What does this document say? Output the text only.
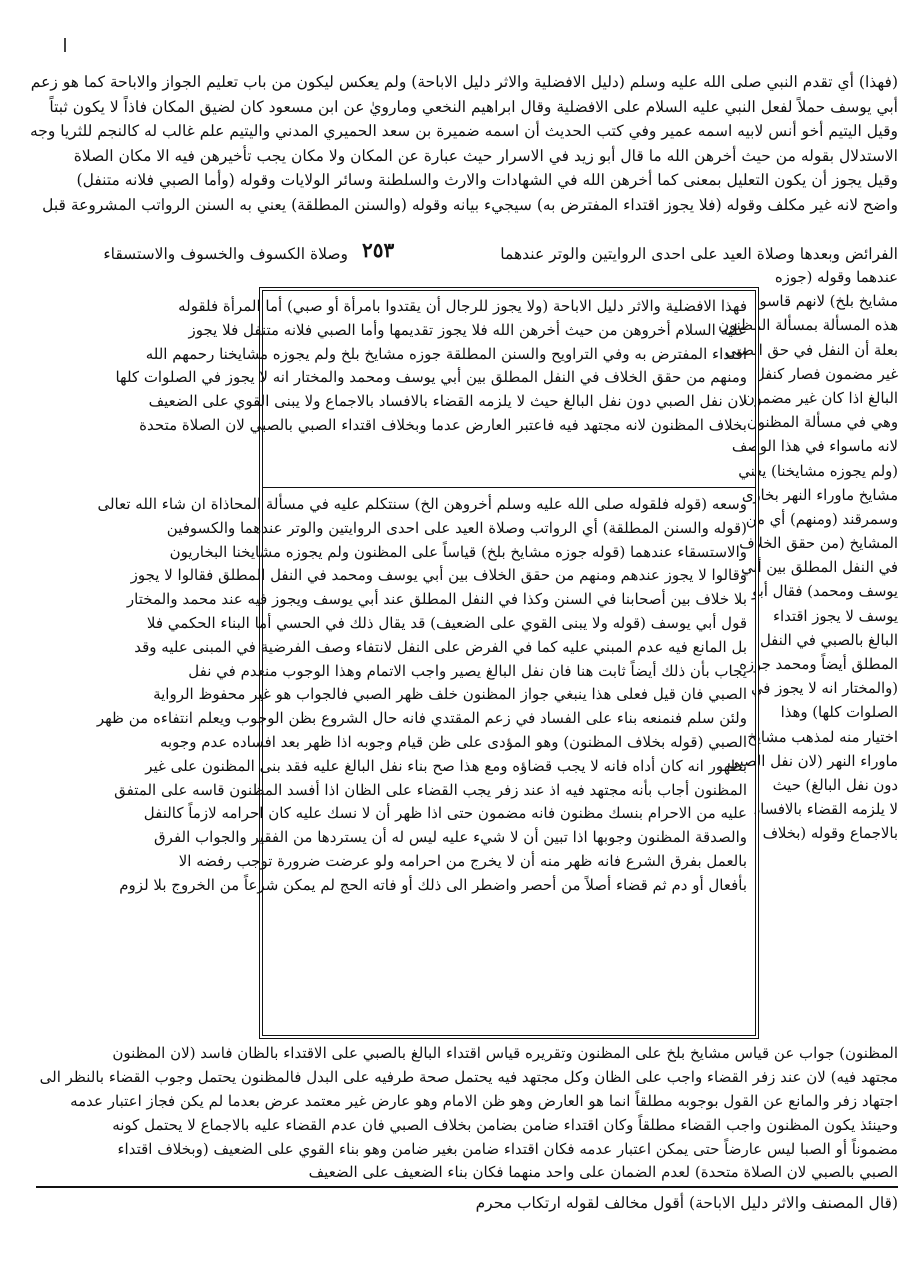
(فهذا) أي تقدم النبي صلى الله عليه وسلم (دليل الافضلية والاثر دليل الاباحة) ولم يعكس ليكون من باب تعليم الجواز والاباحة كما هو زعم
أبي يوسف حملاً لفعل النبي عليه السلام على الافضلية وقال ابراهيم النخعي ومارويٰ عن ابن مسعود كان لضيق المكان فاذاً لا يكون ثبتاً
وقيل اليتيم أخو أنس لابيه اسمه عمير وفي كتب الحديث أن اسمه ضميرة بن سعد الحميري المدني واليتيم علم غالب له كالنجم للثريا وجه
الاستدلال بقوله من حيث أخرهن الله ما قال أبو زيد في الاسرار حيث عبارة عن المكان ولا مكان يجب تأخيرهن فيه الا مكان الصلاة
وقيل يجوز أن يكون التعليل بمعنى كما أخرهن الله في الشهادات والارث والسلطنة وسائر الولايات وقوله (وأما الصبي فلانه متنفل)
واضح لانه غير مكلف وقوله (فلا يجوز اقتداء المفترض به) سيجيء بيانه وقوله (والسنن المطلقة) يعني به السنن الرواتب المشروعة قبل
الفرائض وبعدها وصلاة العيد على احدى الروايتين والوتر عندهما
٢٥٣
وصلاة الكسوف والخسوف والاستسقاء
عندهما وقوله (جوزه
مشايخ بلخ) لانهم قاسوا
هذه المسألة بمسألة المظنون
بعلة أن النفل في حق الصبي
غير مضمون فصار كنفل
البالغ اذا كان غير مضمون
وهي في مسألة المظنون
لانه ماسواء في هذا الوصف
(ولم يجوزه مشايخنا) يعني
مشايخ ماوراء النهر بخارى
وسمرقند (ومنهم) أي من
المشايخ (من حقق الخلاف
في النفل المطلق بين أبي
يوسف ومحمد) فقال أبو
يوسف لا يجوز اقتداء
البالغ بالصبي في النفل
المطلق أيضاً ومحمد جوزه
(والمختار انه لا يجوز في
الصلوات كلها) وهذا
اختيار منه لمذهب مشايخ
ماوراء النهر (لان نفل الصبي
دون نفل البالغ) حيث
لا يلزمه القضاء بالافساد
بالاجماع وقوله (بخلاف
فهذا الافضلية والاثر دليل الاباحة (ولا يجوز للرجال أن يقتدوا بامرأة أو صبي) أما المرأة فلقوله
عليه السلام أخروهن من حيث أخرهن الله فلا يجوز تقديمها وأما الصبي فلانه متنفل فلا يجوز
اقتداء المفترض به وفي التراويح والسنن المطلقة جوزه مشايخ بلخ ولم يجوزه مشايخنا رحمهم الله
ومنهم من حقق الخلاف في النفل المطلق بين أبي يوسف ومحمد والمختار انه لا يجوز في الصلوات كلها
لان نفل الصبي دون نفل البالغ حيث لا يلزمه القضاء بالافساد بالاجماع ولا يبنى القوي على الضعيف
بخلاف المظنون لانه مجتهد فيه فاعتبر العارض عدما وبخلاف اقتداء الصبي بالصبي لان الصلاة متحدة
وسعه (قوله فلقوله صلى الله عليه وسلم أخروهن الخ) سنتكلم عليه في مسألة المحاذاة ان شاء الله تعالى
(قوله والسنن المطلقة) أي الرواتب وصلاة العيد على احدى الروايتين والوتر عندهما والكسوفين
والاستسقاء عندهما (قوله جوزه مشايخ بلخ) قياساً على المظنون ولم يجوزه مشايخنا البخاريون
وقالوا لا يجوز عندهم ومنهم من حقق الخلاف بين أبي يوسف ومحمد في النفل المطلق فقالوا لا يجوز
بلا خلاف بين أصحابنا في السنن وكذا في النفل المطلق عند أبي يوسف ويجوز فيه عند محمد والمختار
قول أبي يوسف (قوله ولا يبنى القوي على الضعيف) قد يقال ذلك في الحسي أما البناء الحكمي فلا
بل المانع فيه عدم المبني عليه كما في الفرض على النفل لانتفاء وصف الفرضية في المبنى عليه وقد
يجاب بأن ذلك أيضاً ثابت هنا فان نفل البالغ يصير واجب الاتمام وهذا الوجوب منعدم في نفل
الصبي فان قيل فعلى هذا ينبغي جواز المظنون خلف ظهر الصبي فالجواب هو غير محفوظ الرواية
ولئن سلم فنمنعه بناء على الفساد في زعم المقتدي فانه حال الشروع بظن الوجوب ويعلم انتفاءه من ظهر
الصبي (قوله بخلاف المظنون) وهو المؤدى على ظن قيام وجوبه اذا ظهر بعد افساده عدم وجوبه
بظهور انه كان أداه فانه لا يجب قضاؤه ومع هذا صح بناء نفل البالغ عليه فقد بنى المظنون على غير
المظنون أجاب بأنه مجتهد فيه اذ عند زفر يجب القضاء على الظان اذا أفسد المظنون قاسه على المتفق
عليه من الاحرام بنسك مظنون فانه مضمون حتى اذا ظهر أن لا نسك عليه كان احرامه لازماً كالنفل
والصدقة المظنون وجوبها اذا تبين أن لا شيء عليه ليس له أن يستردها من الفقير والجواب الفرق
بالعمل بفرق الشرع فانه ظهر منه أن لا يخرج من احرامه ولو عرضت ضرورة توجب رفضه الا
بأفعال أو دم ثم قضاء أصلاً من أحصر واضطر الى ذلك أو فاته الحج لم يمكن شرعاً من الخروج بلا لزوم
المظنون) جواب عن قياس مشايخ بلخ على المظنون وتقريره قياس اقتداء البالغ بالصبي على الاقتداء بالظان فاسد (لان المظنون
مجتهد فيه) لان عند زفر القضاء واجب على الظان وكل مجتهد فيه يحتمل صحة طرفيه على البدل فالمظنون يحتمل وجوب القضاء بالنظر الى
اجتهاد زفر والمانع عن القول بوجوبه مطلقاً انما هو العارض وهو ظن الامام وهو عارض غير معتمد عرض بعدما لم يكن فجاز اعتبار عدمه
وحينئذ يكون المظنون واجب القضاء مطلقاً وكان اقتداء ضامن بضامن بخلاف الصبي فان عدم القضاء عليه بالاجماع لا يحتمل كونه
مضموناً أو الصبا ليس عارضاً حتى يمكن اعتبار عدمه فكان اقتداء ضامن بغير ضامن وهو بناء القوي على الضعيف (وبخلاف اقتداء
الصبي بالصبي لان الصلاة متحدة) لعدم الضمان على واحد منهما فكان بناء الضعيف على الضعيف
(قال المصنف والاثر دليل الاباحة) أقول مخالف لقوله ارتكاب محرم
